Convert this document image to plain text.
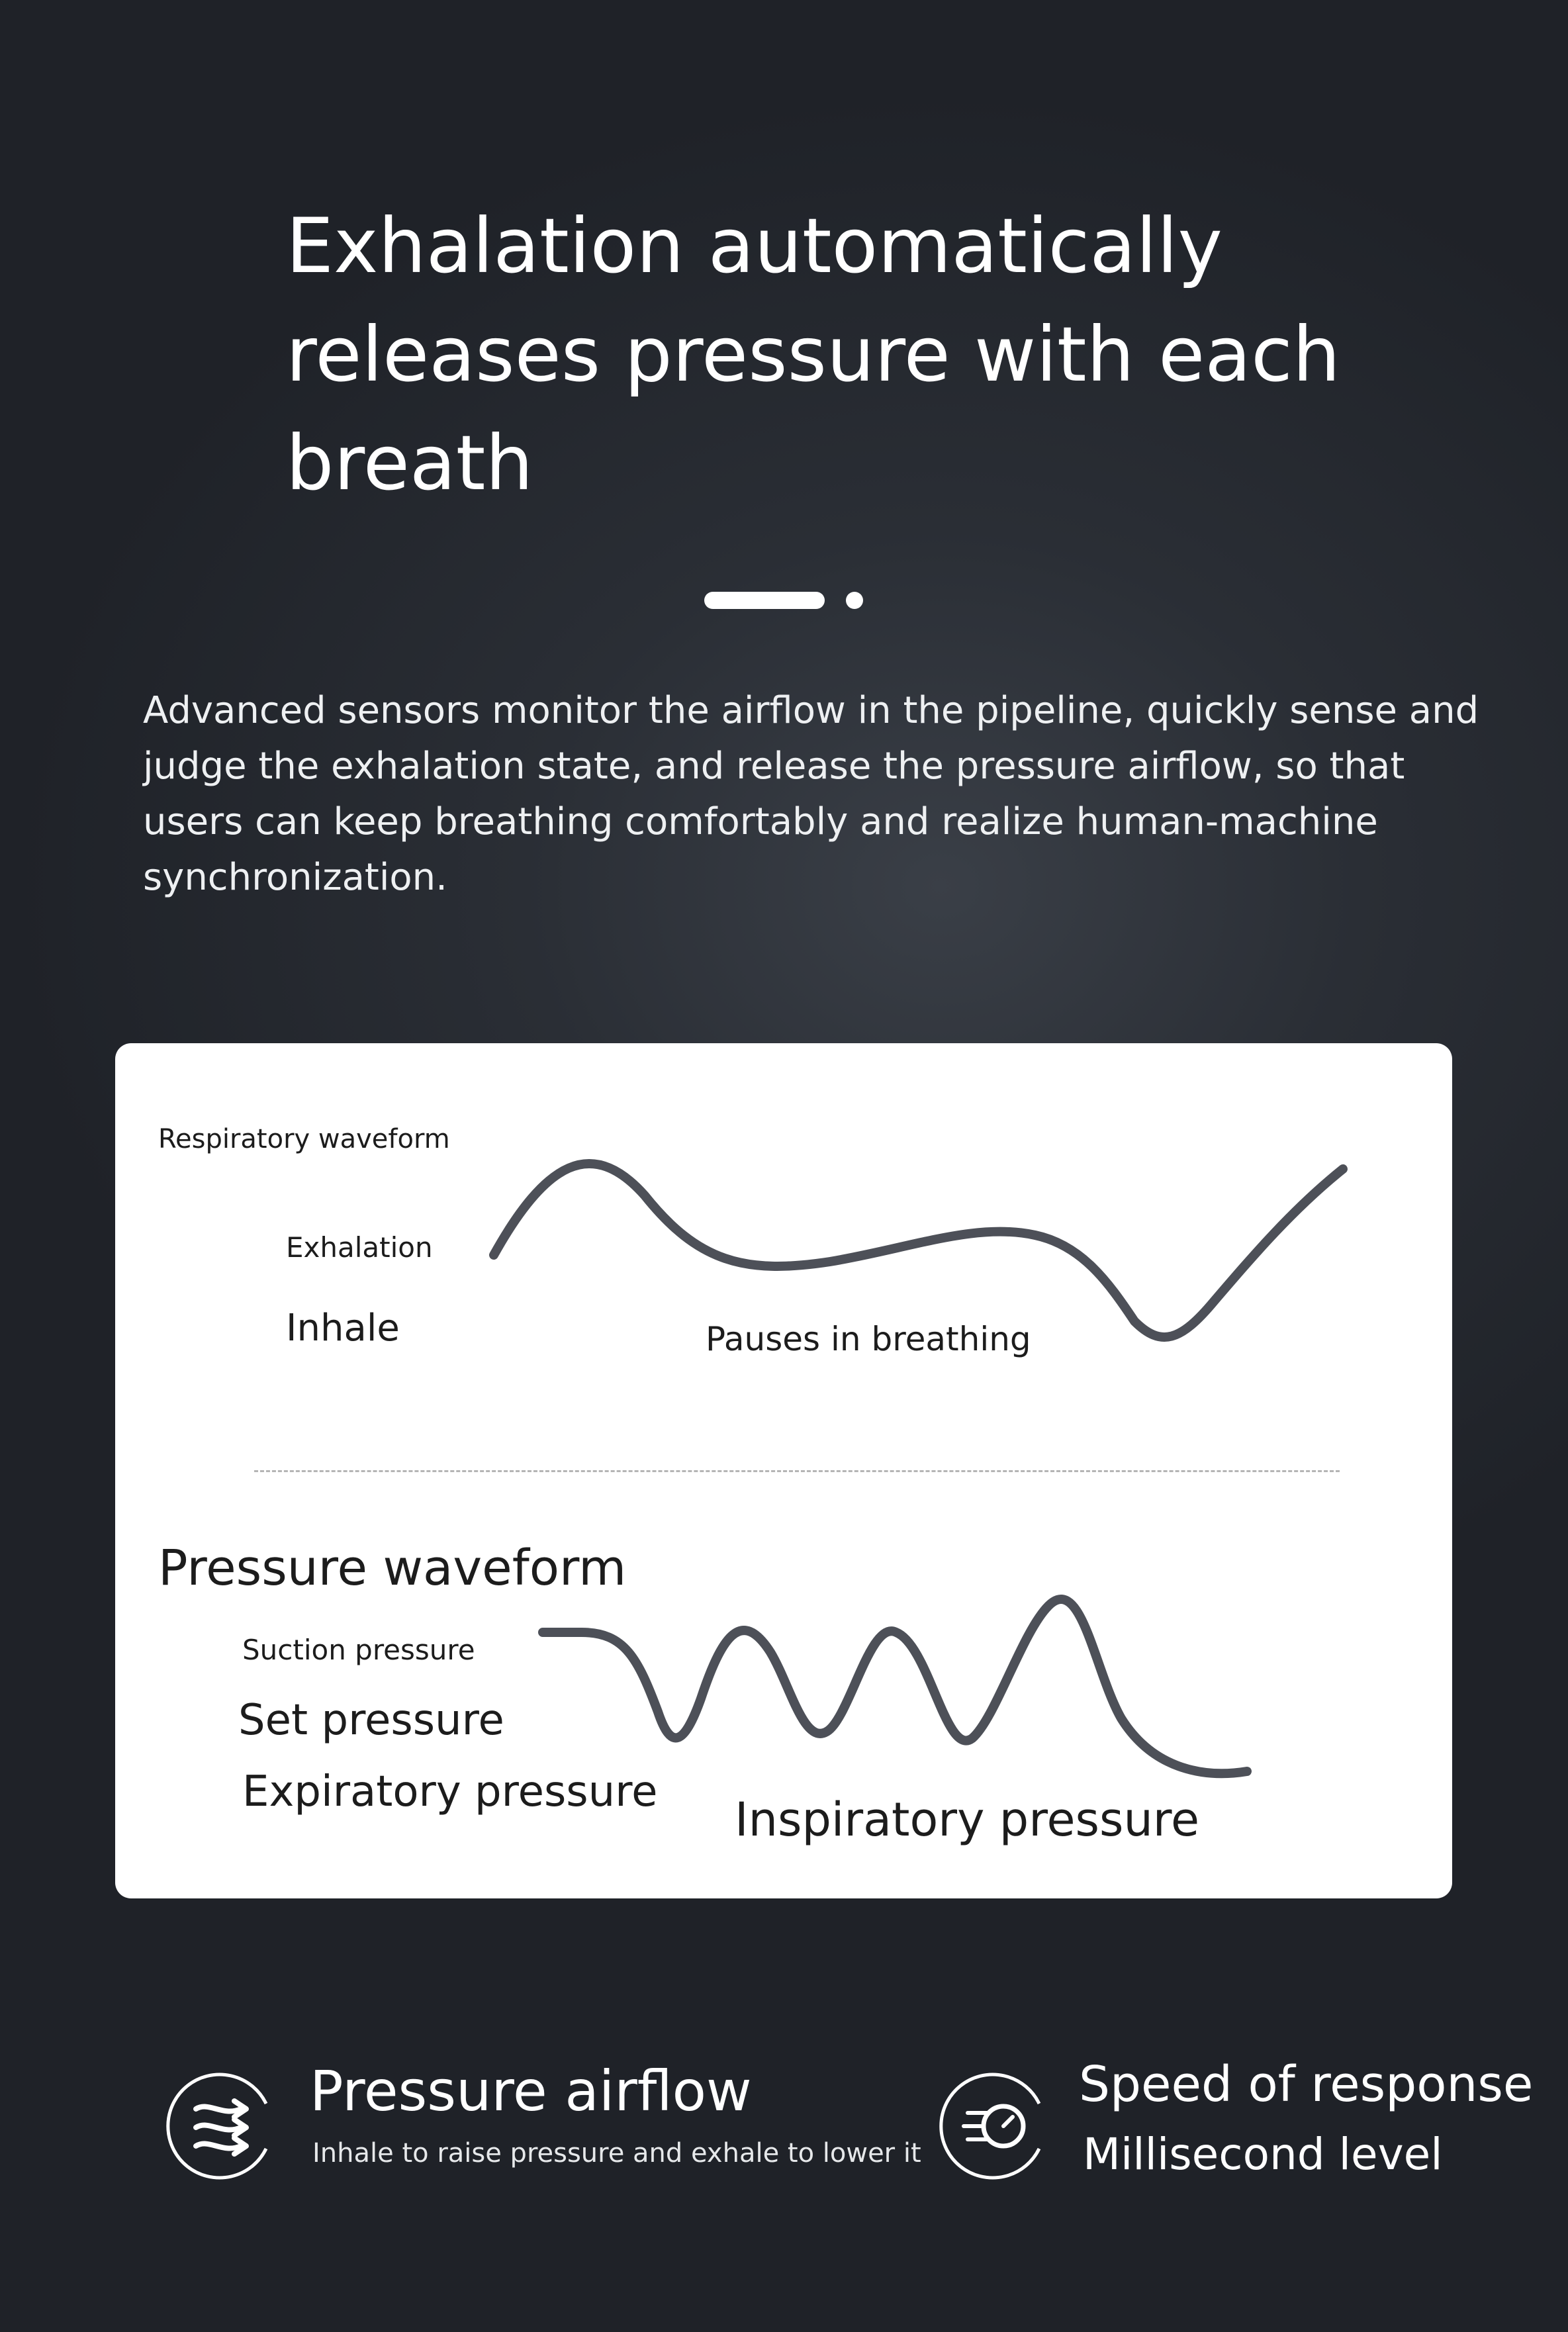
Exhalation automatically
releases pressure with each
breath
Advanced sensors monitor the airflow in the pipeline, quickly sense and
judge the exhalation state, and release the pressure airflow, so that
users can keep breathing comfortably and realize human-machine
synchronization.
Respiratory waveform
Exhalation
Inhale	Pauses in breathing
Pressure waveform
Suction pressure
Set pressure
Expiratory pressure
Inspiratory pressure
Pressure airflow
Inhale to raise pressure and exhale to lower it
Speed of response
Millisecond level
